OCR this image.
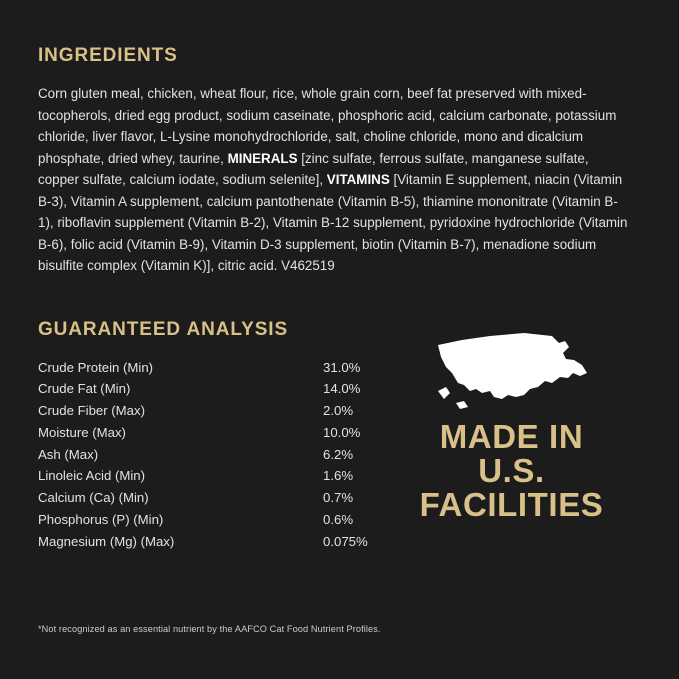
INGREDIENTS

Corn gluten meal, chicken, wheat flour, rice, whole grain corn, beef fat preserved with mixed-tocopherols, dried egg product, sodium caseinate, phosphoric acid, calcium carbonate, potassium chloride, liver flavor, L-Lysine monohydrochloride, salt, choline chloride, mono and dicalcium phosphate, dried whey, taurine, MINERALS [zinc sulfate, ferrous sulfate, manganese sulfate, copper sulfate, calcium iodate, sodium selenite], VITAMINS [Vitamin E supplement, niacin (Vitamin B-3), Vitamin A supplement, calcium pantothenate (Vitamin B-5), thiamine mononitrate (Vitamin B-1), riboflavin supplement (Vitamin B-2), Vitamin B-12 supplement, pyridoxine hydrochloride (Vitamin B-6), folic acid (Vitamin B-9), Vitamin D-3 supplement, biotin (Vitamin B-7), menadione sodium bisulfite complex (Vitamin K)], citric acid. V462519

GUARANTEED ANALYSIS
Crude Protein (Min)	31.0%
Crude Fat (Min)	14.0%
Crude Fiber (Max)	2.0%
Moisture (Max)	10.0%
Ash (Max)	6.2%
Linoleic Acid (Min)	1.6%
Calcium (Ca) (Min)	0.7%
Phosphorus (P) (Min)	0.6%
Magnesium (Mg) (Max)	0.075%
MADE IN
U.S.
FACILITIES
*Not recognized as an essential nutrient by the AAFCO Cat Food Nutrient Profiles.
